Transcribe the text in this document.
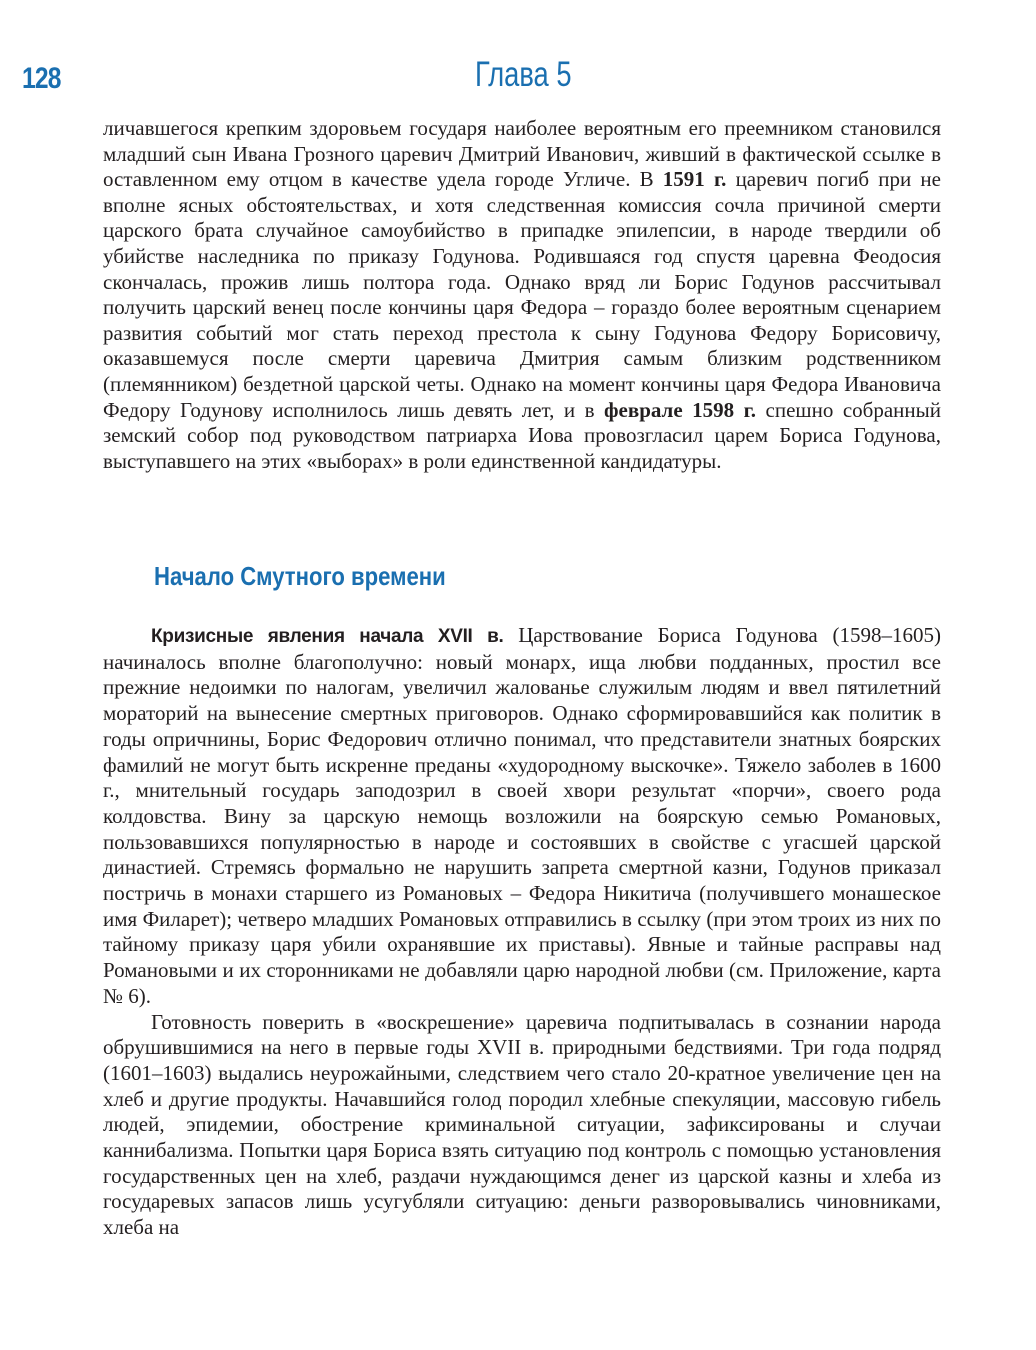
128	Глава 5

личавшегося крепким здоровьем государя наиболее вероятным его преемником становился младший сын Ивана Грозного царевич Дмитрий Иванович, живший в фактической ссылке в оставленном ему отцом в качестве удела городе Угличе. В 1591 г. царевич погиб при не вполне ясных обстоятельствах, и хотя следственная комиссия сочла причиной смерти царского брата случайное самоубийство в припадке эпилепсии, в народе твердили об убийстве наследника по приказу Годунова. Родившаяся год спустя царевна Феодосия скончалась, прожив лишь полтора года. Однако вряд ли Борис Годунов рассчитывал получить царский венец после кончины царя Федора – гораздо более вероятным сценарием развития событий мог стать переход престола к сыну Годунова Федору Борисовичу, оказавшемуся после смерти царевича Дмитрия самым близким родственником (племянником) бездетной царской четы. Однако на момент кончины царя Федора Ивановича Федору Годунову исполнилось лишь девять лет, и в феврале 1598 г. спешно собранный земский собор под руководством патриарха Иова провозгласил царем Бориса Годунова, выступавшего на этих «выборах» в роли единственной кандидатуры.

Начало Смутного времени

Кризисные явления начала XVII в. Царствование Бориса Годунова (1598–1605) начиналось вполне благополучно: новый монарх, ища любви подданных, простил все прежние недоимки по налогам, увеличил жалованье служилым людям и ввел пятилетний мораторий на вынесение смертных приговоров. Однако сформировавшийся как политик в годы опричнины, Борис Федорович отлично понимал, что представители знатных боярских фамилий не могут быть искренне преданы «худородному выскочке». Тяжело заболев в 1600 г., мнительный государь заподозрил в своей хвори результат «порчи», своего рода колдовства. Вину за царскую немощь возложили на боярскую семью Романовых, пользовавшихся популярностью в народе и состоявших в свойстве с угасшей царской династией. Стремясь формально не нарушить запрета смертной казни, Годунов приказал постричь в монахи старшего из Романовых – Федора Никитича (получившего монашеское имя Филарет); четверо младших Романовых отправились в ссылку (при этом троих из них по тайному приказу царя убили охранявшие их приставы). Явные и тайные расправы над Романовыми и их сторонниками не добавляли царю народной любви (см. Приложение, карта № 6).

Готовность поверить в «воскрешение» царевича подпитывалась в сознании народа обрушившимися на него в первые годы XVII в. природными бедствиями. Три года подряд (1601–1603) выдались неурожайными, следствием чего стало 20-кратное увеличение цен на хлеб и другие продукты. Начавшийся голод породил хлебные спекуляции, массовую гибель людей, эпидемии, обострение криминальной ситуации, зафиксированы и случаи каннибализма. Попытки царя Бориса взять ситуацию под контроль с помощью установления государственных цен на хлеб, раздачи нуждающимся денег из царской казны и хлеба из государевых запасов лишь усугубляли ситуацию: деньги разворовывались чиновниками, хлеба на
